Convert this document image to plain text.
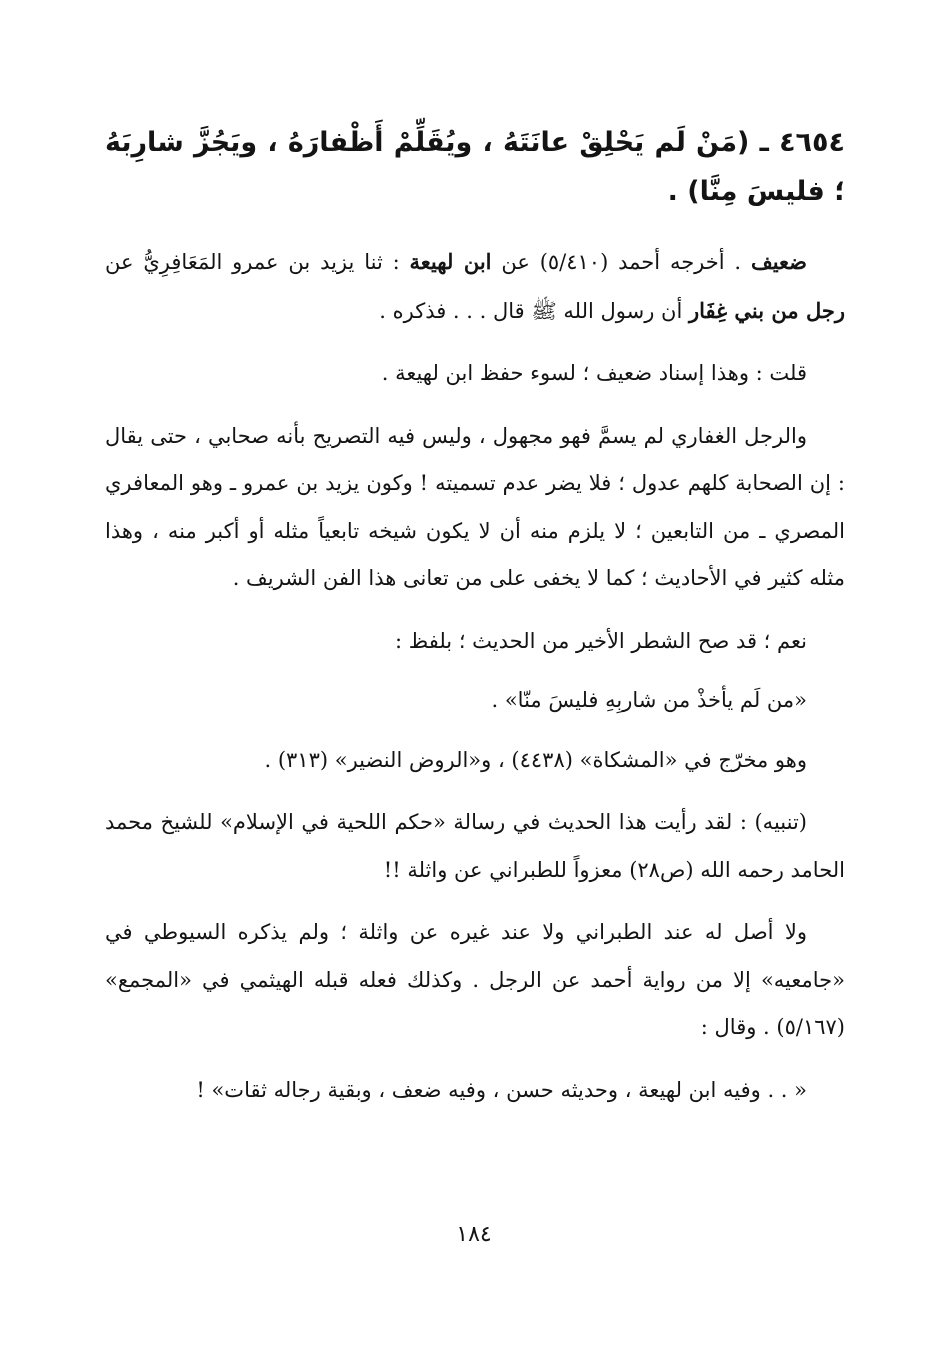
٤٦٥٤ ـ (مَنْ لَم يَحْلِقْ عانَتَهُ ، ويُقَلِّمْ أَظْفارَهُ ، ويَجُزَّ شارِبَهُ ؛ فليسَ مِنَّا) .

ضعيف . أخرجه أحمد (٥/٤١٠) عن ابن لهيعة : ثنا يزيد بن عمرو المَعَافِرِيُّ عن رجل من بني غِفَار أن رسول الله ﷺ قال . . . فذكره .

قلت : وهذا إسناد ضعيف ؛ لسوء حفظ ابن لهيعة .

والرجل الغفاري لم يسمَّ فهو مجهول ، وليس فيه التصريح بأنه صحابي ، حتى يقال : إن الصحابة كلهم عدول ؛ فلا يضر عدم تسميته ! وكون يزيد بن عمرو ـ وهو المعافري المصري ـ من التابعين ؛ لا يلزم منه أن لا يكون شيخه تابعياً مثله أو أكبر منه ، وهذا مثله كثير في الأحاديث ؛ كما لا يخفى على من تعانى هذا الفن الشريف .

نعم ؛ قد صح الشطر الأخير من الحديث ؛ بلفظ :

«من لَم يأخذْ من شاربِهِ فليسَ منّا» .

وهو مخرّج في «المشكاة» (٤٤٣٨) ، و«الروض النضير» (٣١٣) .

(تنبيه) : لقد رأيت هذا الحديث في رسالة «حكم اللحية في الإسلام» للشيخ محمد الحامد رحمه الله (ص٢٨) معزواً للطبراني عن واثلة !!

ولا أصل له عند الطبراني ولا عند غيره عن واثلة ؛ ولم يذكره السيوطي في «جامعيه» إلا من رواية أحمد عن الرجل . وكذلك فعله قبله الهيثمي في «المجمع» (٥/١٦٧) . وقال :

« . . وفيه ابن لهيعة ، وحديثه حسن ، وفيه ضعف ، وبقية رجاله ثقات» !

١٨٤
